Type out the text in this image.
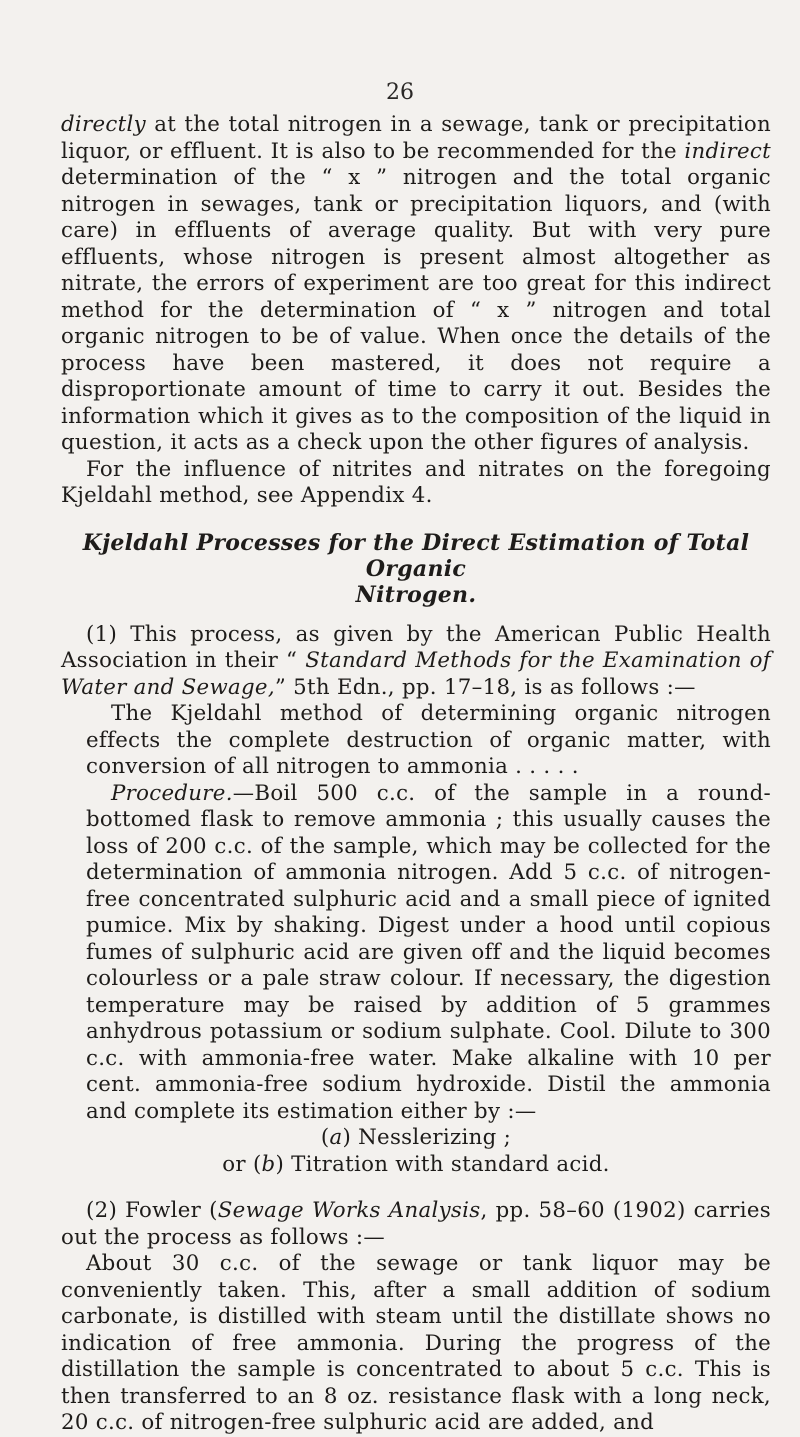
26

directly at the total nitrogen in a sewage, tank or precipitation liquor, or effluent. It is also to be recommended for the indirect determination of the “ x ” nitrogen and the total organic nitrogen in sewages, tank or precipitation liquors, and (with care) in effluents of average quality. But with very pure effluents, whose nitrogen is present almost altogether as nitrate, the errors of experiment are too great for this indirect method for the determination of “ x ” nitrogen and total organic nitrogen to be of value. When once the details of the process have been mastered, it does not require a disproportionate amount of time to carry it out. Besides the information which it gives as to the composition of the liquid in question, it acts as a check upon the other figures of analysis.

For the influence of nitrites and nitrates on the foregoing Kjeldahl method, see Appendix 4.

Kjeldahl Processes for the Direct Estimation of Total Organic
Nitrogen.

(1) This process, as given by the American Public Health Association in their “ Standard Methods for the Examination of Water and Sewage,” 5th Edn., pp. 17–18, is as follows :—

The Kjeldahl method of determining organic nitrogen effects the complete destruction of organic matter, with conversion of all nitrogen to ammonia . . . . .

Procedure.—Boil 500 c.c. of the sample in a round-bottomed flask to remove ammonia ; this usually causes the loss of 200 c.c. of the sample, which may be collected for the determination of ammonia nitrogen. Add 5 c.c. of nitrogen-free concentrated sulphuric acid and a small piece of ignited pumice. Mix by shaking. Digest under a hood until copious fumes of sulphuric acid are given off and the liquid becomes colourless or a pale straw colour. If necessary, the digestion temperature may be raised by addition of 5 grammes anhydrous potassium or sodium sulphate. Cool. Dilute to 300 c.c. with ammonia-free water. Make alkaline with 10 per cent. ammonia-free sodium hydroxide. Distil the ammonia and complete its estimation either by :—

(a) Nesslerizing ;

or (b) Titration with standard acid.

(2) Fowler (Sewage Works Analysis, pp. 58–60 (1902) carries out the process as follows :—

About 30 c.c. of the sewage or tank liquor may be conveniently taken. This, after a small addition of sodium carbonate, is distilled with steam until the distillate shows no indication of free ammonia. During the progress of the distillation the sample is concentrated to about 5 c.c. This is then transferred to an 8 oz. resistance flask with a long neck, 20 c.c. of nitrogen-free sulphuric acid are added, and
